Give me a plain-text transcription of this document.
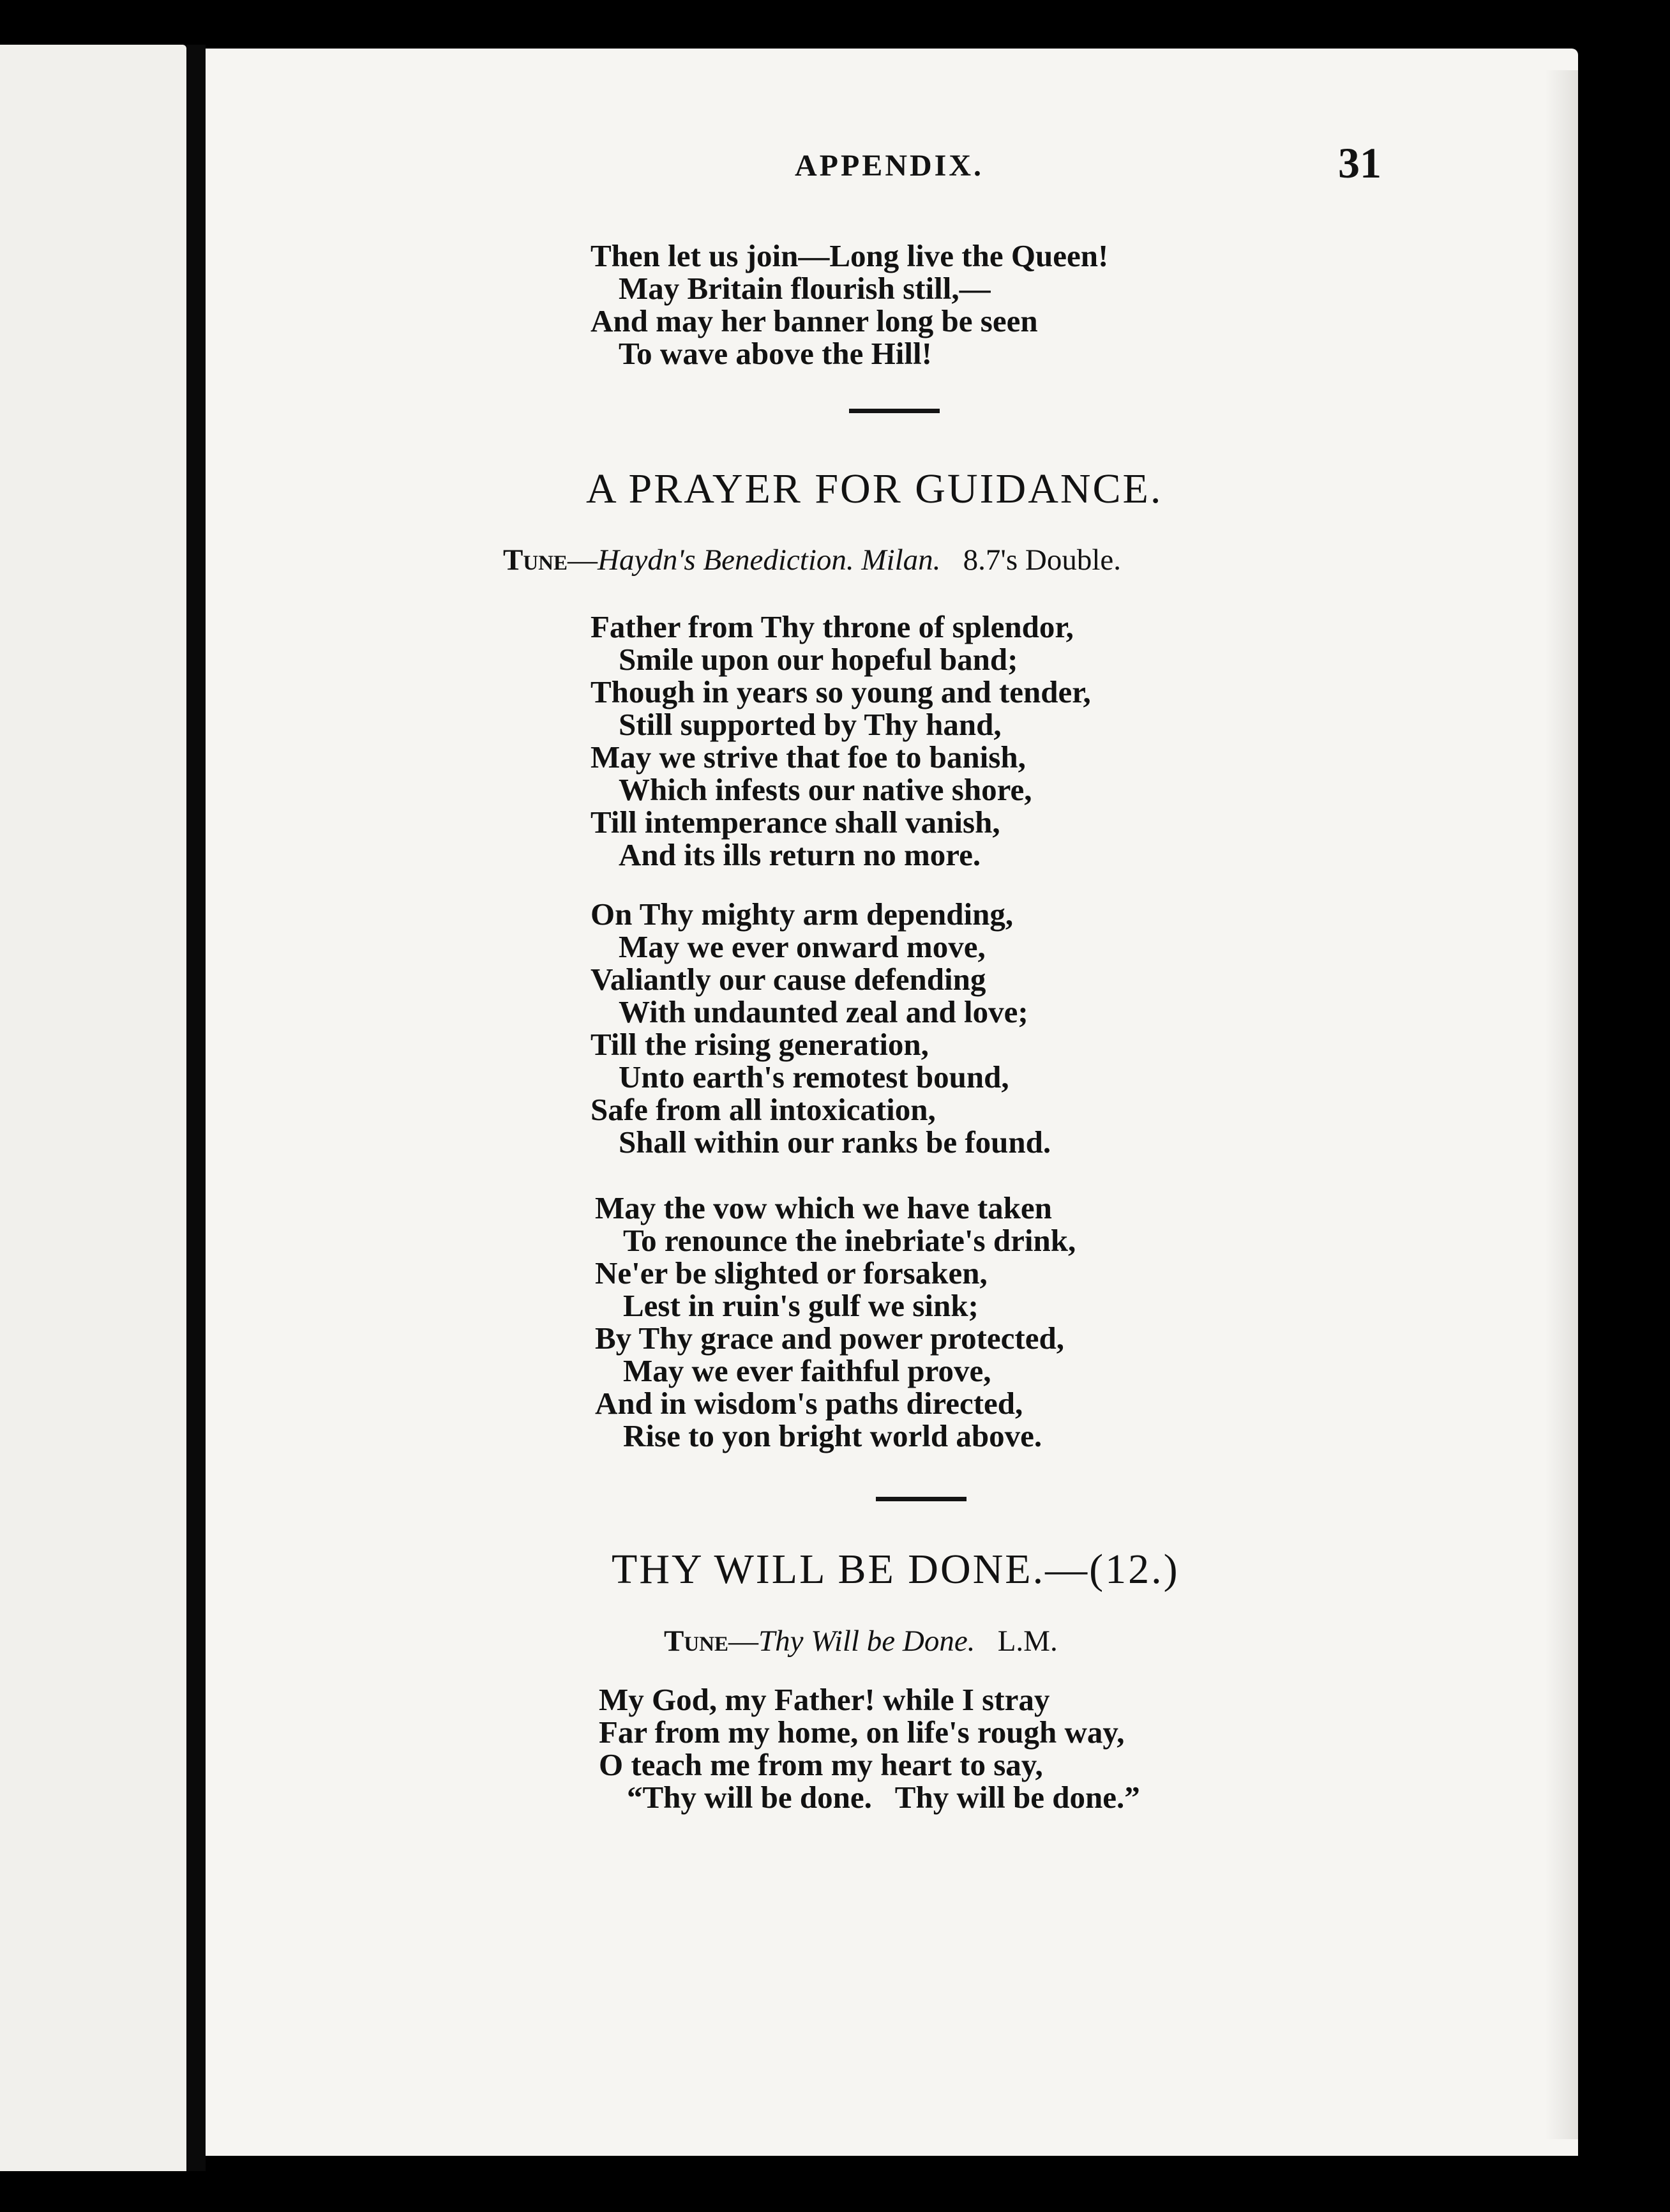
APPENDIX.	31
Then let us join—Long live the Queen!
May Britain flourish still,—
And may her banner long be seen
To wave above the Hill!
A PRAYER FOR GUIDANCE.
Tune—Haydn's Benediction. Milan. 8.7's Double.
Father from Thy throne of splendor,
Smile upon our hopeful band;
Though in years so young and tender,
Still supported by Thy hand,
May we strive that foe to banish,
Which infests our native shore,
Till intemperance shall vanish,
And its ills return no more.
On Thy mighty arm depending,
May we ever onward move,
Valiantly our cause defending
With undaunted zeal and love;
Till the rising generation,
Unto earth's remotest bound,
Safe from all intoxication,
Shall within our ranks be found.
May the vow which we have taken
To renounce the inebriate's drink,
Ne'er be slighted or forsaken,
Lest in ruin's gulf we sink;
By Thy grace and power protected,
May we ever faithful prove,
And in wisdom's paths directed,
Rise to yon bright world above.
THY WILL BE DONE.—(12.)
Tune—Thy Will be Done. L.M.
My God, my Father! while I stray
Far from my home, on life's rough way,
O teach me from my heart to say,
“Thy will be done.   Thy will be done.”
